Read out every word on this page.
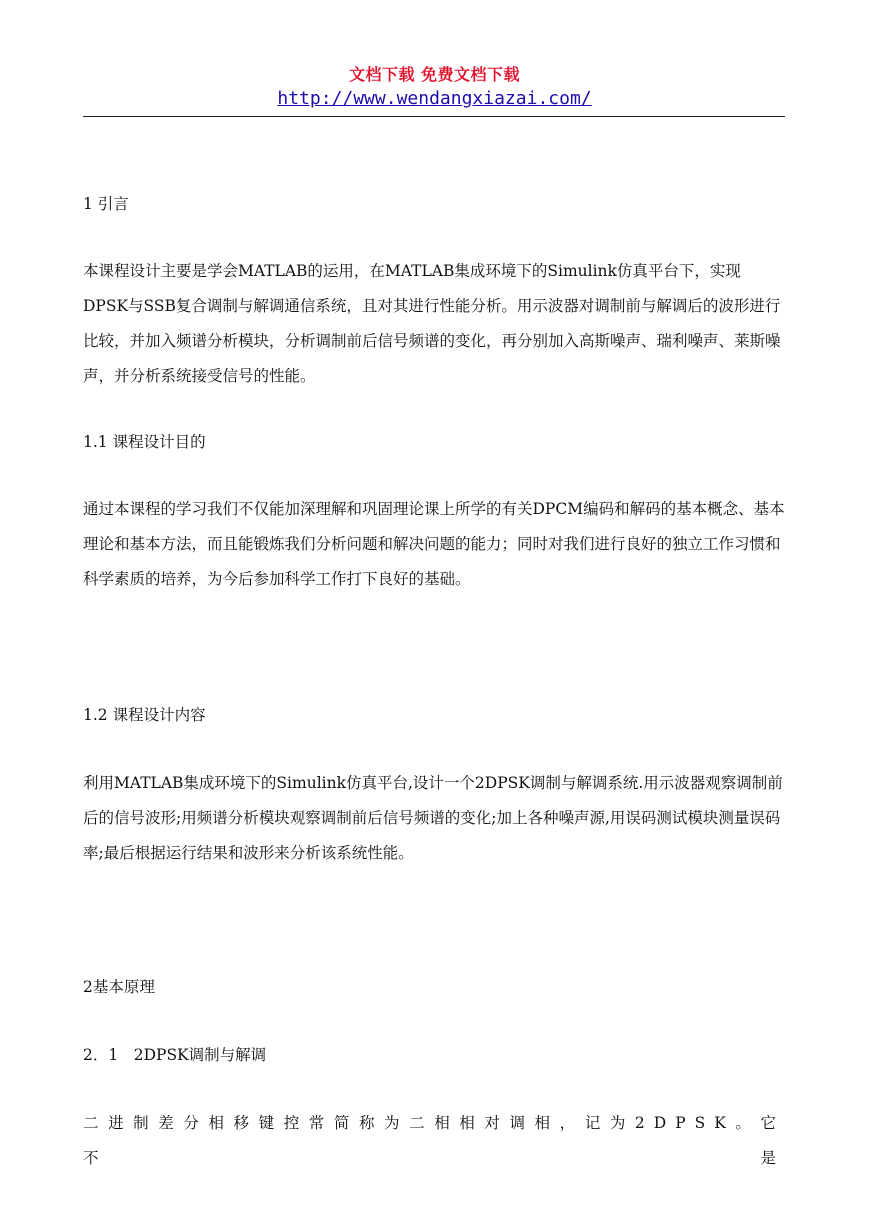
文档下载 免费文档下载
http://www.wendangxiazai.com/

1 引言

本课程设计主要是学会MATLAB的运用，在MATLAB集成环境下的Simulink仿真平台下，实现DPSK与SSB复合调制与解调通信系统，且对其进行性能分析。用示波器对调制前与解调后的波形进行比较，并加入频谱分析模块，分析调制前后信号频谱的变化，再分别加入高斯噪声、瑞利噪声、莱斯噪声，并分析系统接受信号的性能。

1.1 课程设计目的

通过本课程的学习我们不仅能加深理解和巩固理论课上所学的有关DPCM编码和解码的基本概念、基本理论和基本方法，而且能锻炼我们分析问题和解决问题的能力；同时对我们进行良好的独立工作习惯和科学素质的培养，为今后参加科学工作打下良好的基础。

1.2 课程设计内容

利用MATLAB集成环境下的Simulink仿真平台,设计一个2DPSK调制与解调系统.用示波器观察调制前后的信号波形;用频谱分析模块观察调制前后信号频谱的变化;加上各种噪声源,用误码测试模块测量误码率;最后根据运行结果和波形来分析该系统性能。

2基本原理

2．1　2DPSK调制与解调

二进制差分相移键控常简称为二相相对调相，记为2DPSK。它不是
